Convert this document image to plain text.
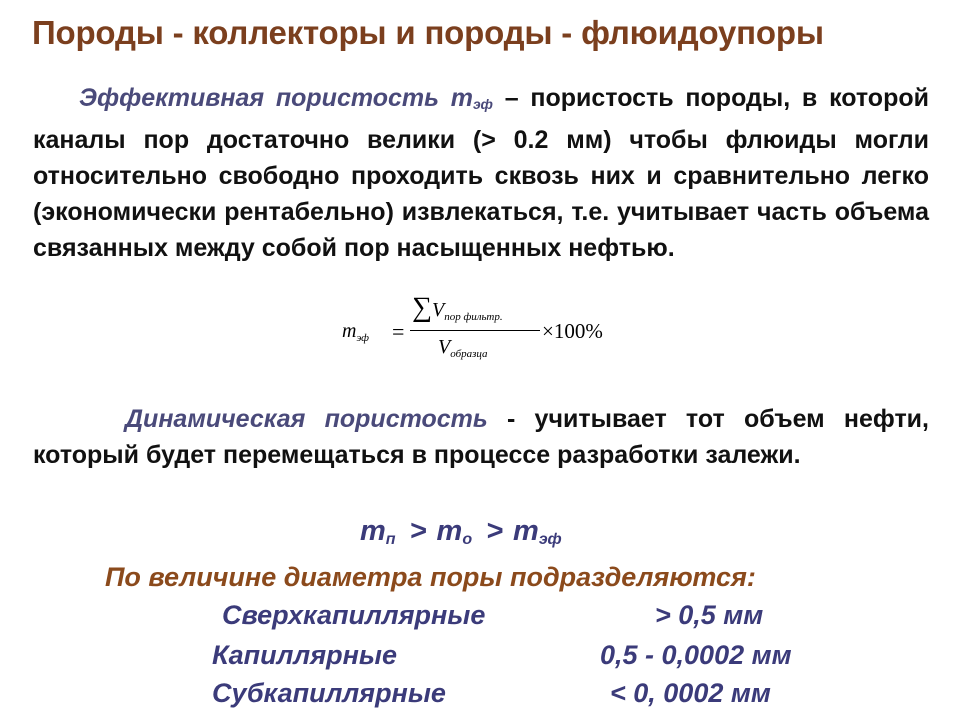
Породы - коллекторы и породы - флюидоупоры
Эффективная пористость $m_{эф}$ – пористость породы, в которой каналы пор достаточно велики (> 0.2 мм) чтобы флюиды могли относительно свободно проходить сквозь них и сравнительно легко (экономически рентабельно) извлекаться, т.е. учитывает часть объема связанных между собой пор насыщенных нефтью.
$m_{эф}$ =
$\sum V_{пор фильтр.}$
$V_{образца}$
×100%
Динамическая пористость - учитывает тот объем нефти, который будет перемещаться в процессе разработки залежи.
mп > mо > mэф
По величине диаметра поры подразделяются:
Сверхкапиллярные	> 0,5 мм
Капиллярные	0,5 - 0,0002 мм
Субкапиллярные	< 0, 0002 мм
